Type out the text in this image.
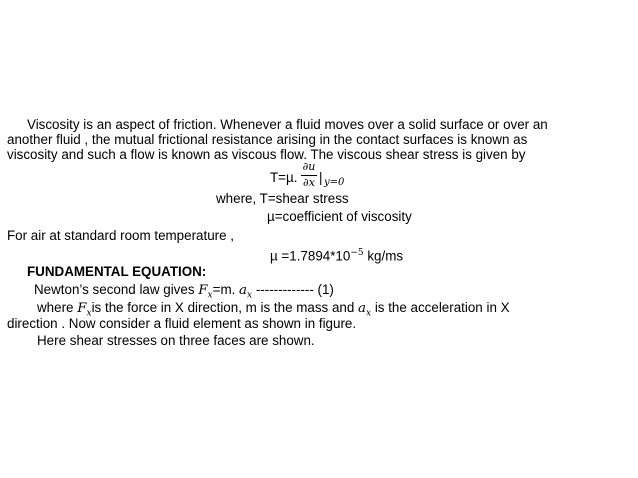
Viscosity is an aspect of friction. Whenever a fluid moves over a solid surface or over an
another fluid , the mutual frictional resistance arising in the contact surfaces is known as
viscosity and such a flow is known as viscous flow. The viscous shear stress is given by
T=µ.
∂u
∂x | y=0
where, T=shear stress
µ=coefficient of viscosity
For air at standard room temperature ,
$\mu =1.7894*10^{-5}$ kg/ms
FUNDAMENTAL EQUATION:
Newton’s second law gives $F_x=m$. $a_x$ ------------- (1)
where $F_xis$ the force in X direction, m is the mass and $a_x$ is the acceleration in X
direction . Now consider a fluid element as shown in figure.
Here shear stresses on three faces are shown.
